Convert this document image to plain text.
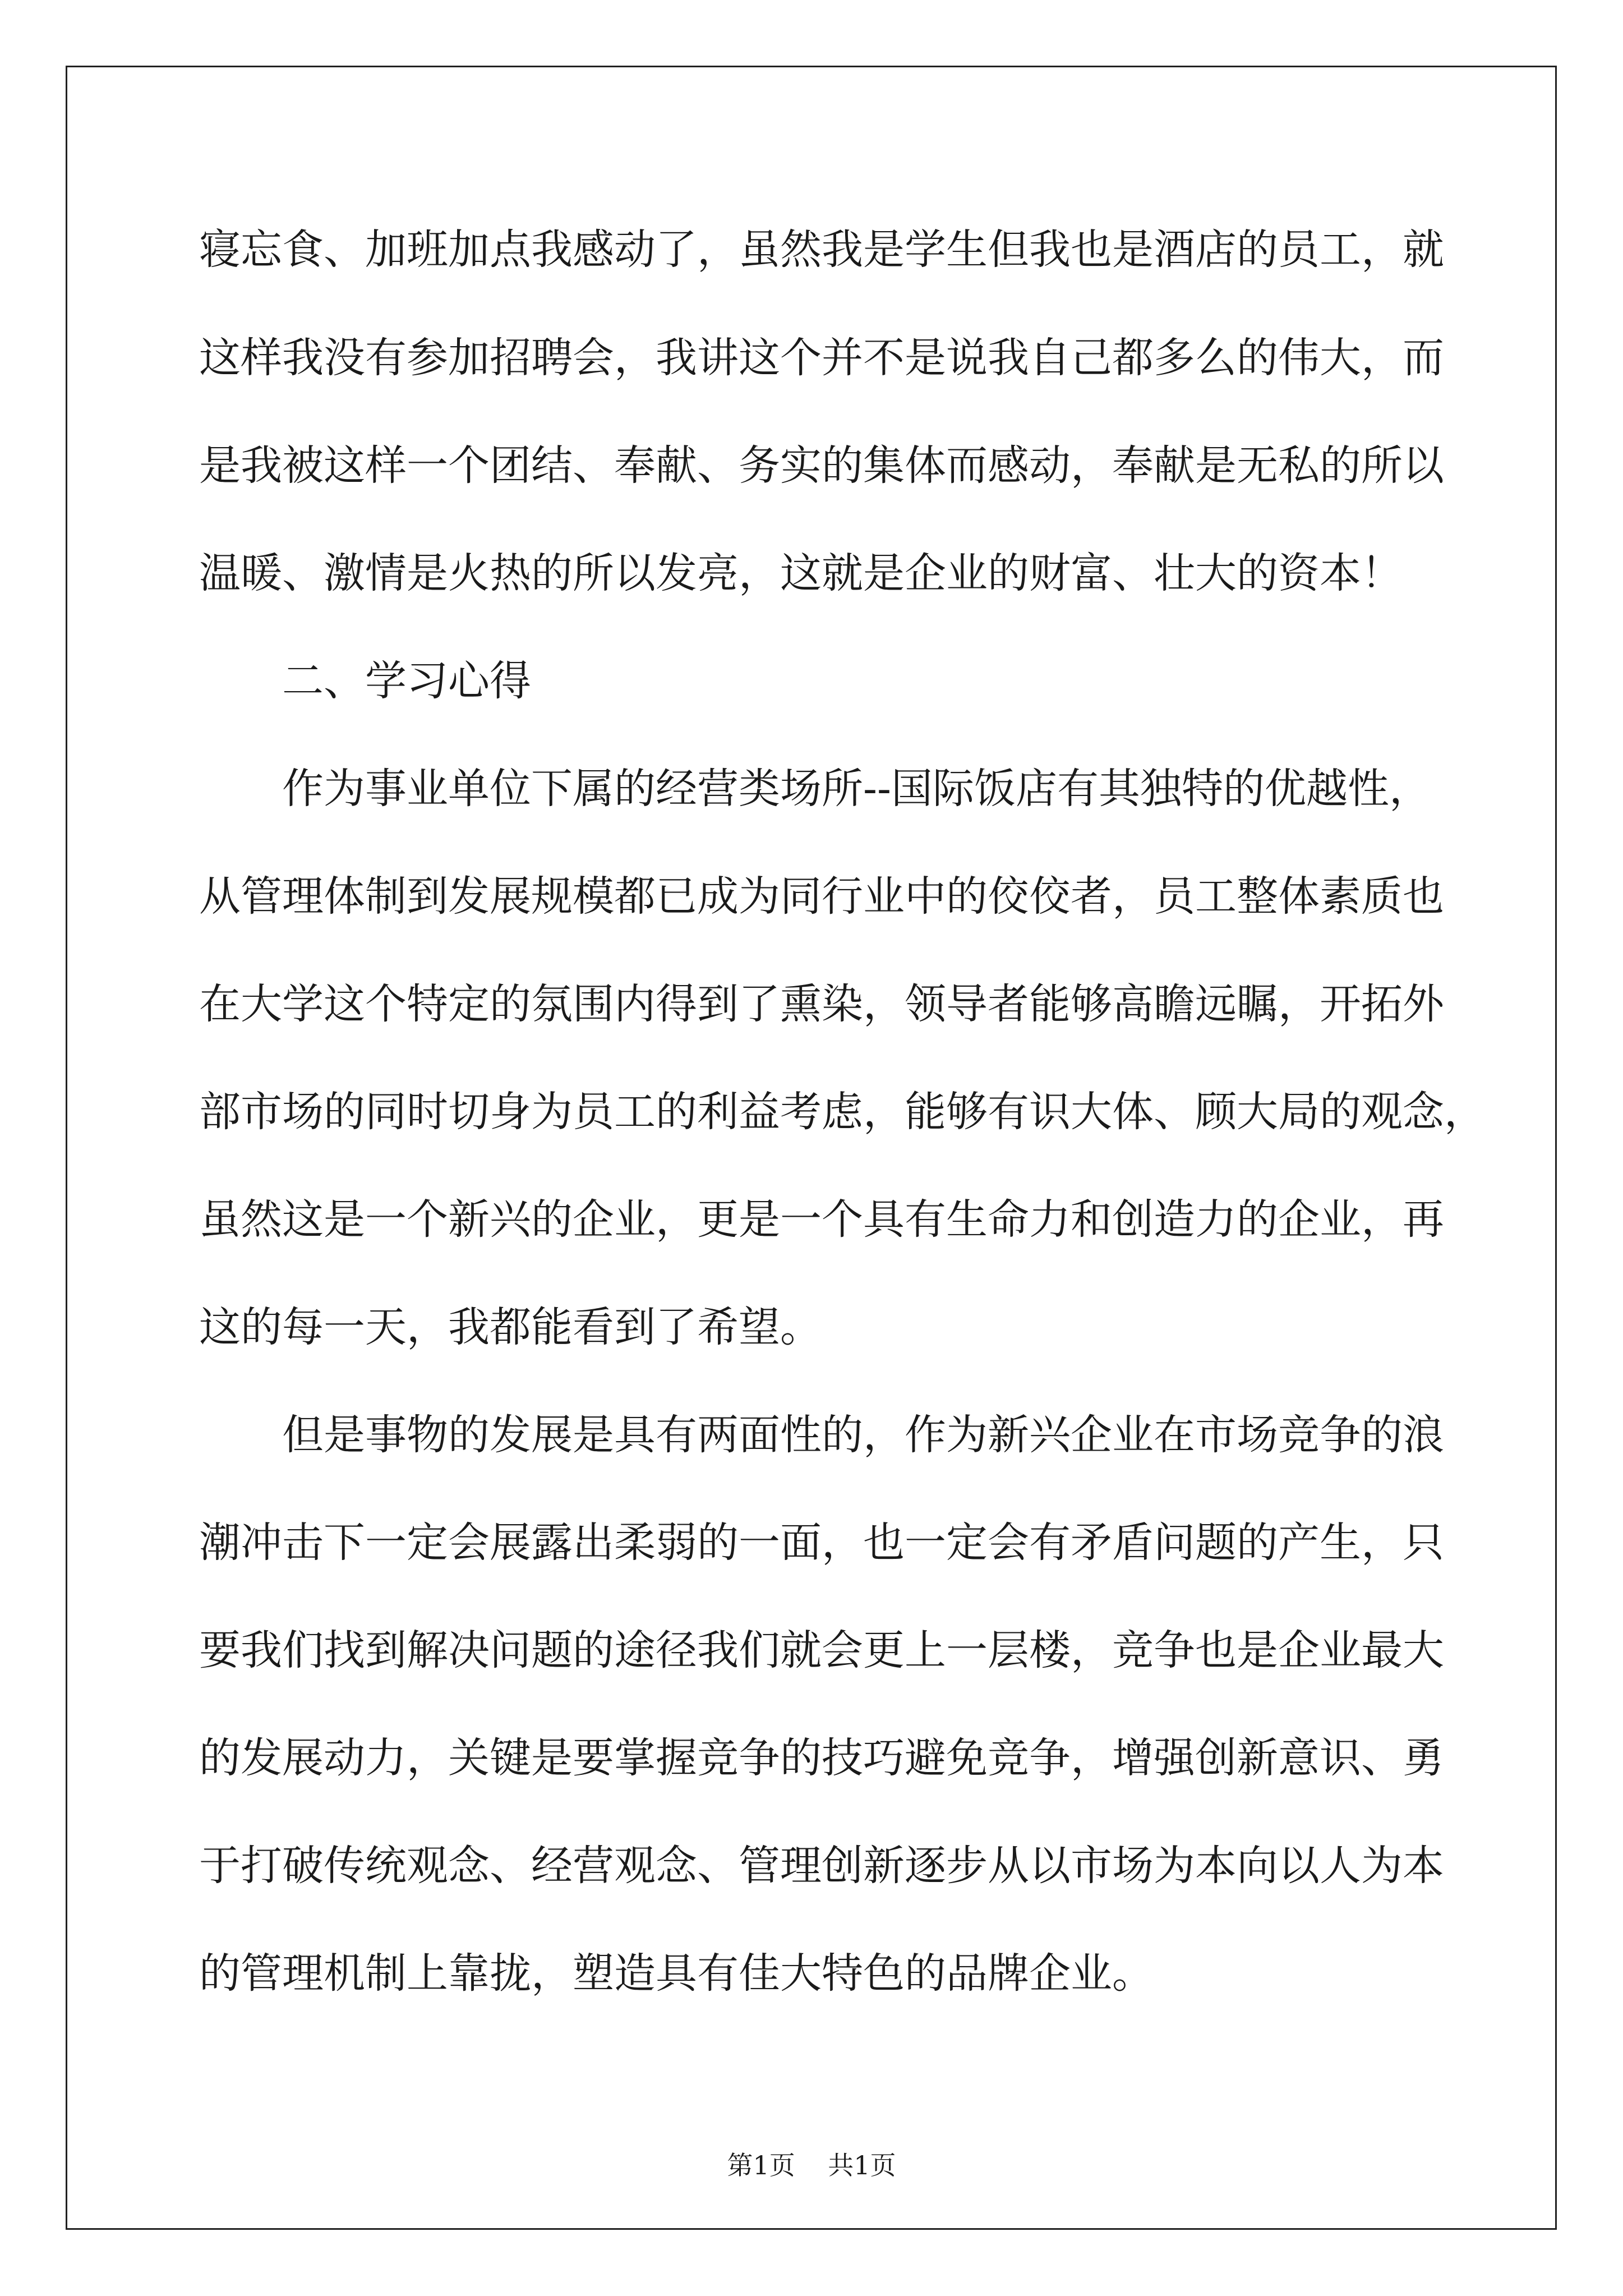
寝忘食、加班加点我感动了，虽然我是学生但我也是酒店的员工，就
这样我没有参加招聘会，我讲这个并不是说我自己都多么的伟大，而
是我被这样一个团结、奉献、务实的集体而感动，奉献是无私的所以
温暖、激情是火热的所以发亮，这就是企业的财富、壮大的资本！
　　二、学习心得
　　作为事业单位下属的经营类场所--国际饭店有其独特的优越性，
从管理体制到发展规模都已成为同行业中的佼佼者，员工整体素质也
在大学这个特定的氛围内得到了熏染，领导者能够高瞻远瞩，开拓外
部市场的同时切身为员工的利益考虑，能够有识大体、顾大局的观念，
虽然这是一个新兴的企业，更是一个具有生命力和创造力的企业，再
这的每一天，我都能看到了希望。
　　但是事物的发展是具有两面性的，作为新兴企业在市场竞争的浪
潮冲击下一定会展露出柔弱的一面，也一定会有矛盾问题的产生，只
要我们找到解决问题的途径我们就会更上一层楼，竞争也是企业最大
的发展动力，关键是要掌握竞争的技巧避免竞争，增强创新意识、勇
于打破传统观念、经营观念、管理创新逐步从以市场为本向以人为本
的管理机制上靠拢，塑造具有佳大特色的品牌企业。
第1页 共1页
